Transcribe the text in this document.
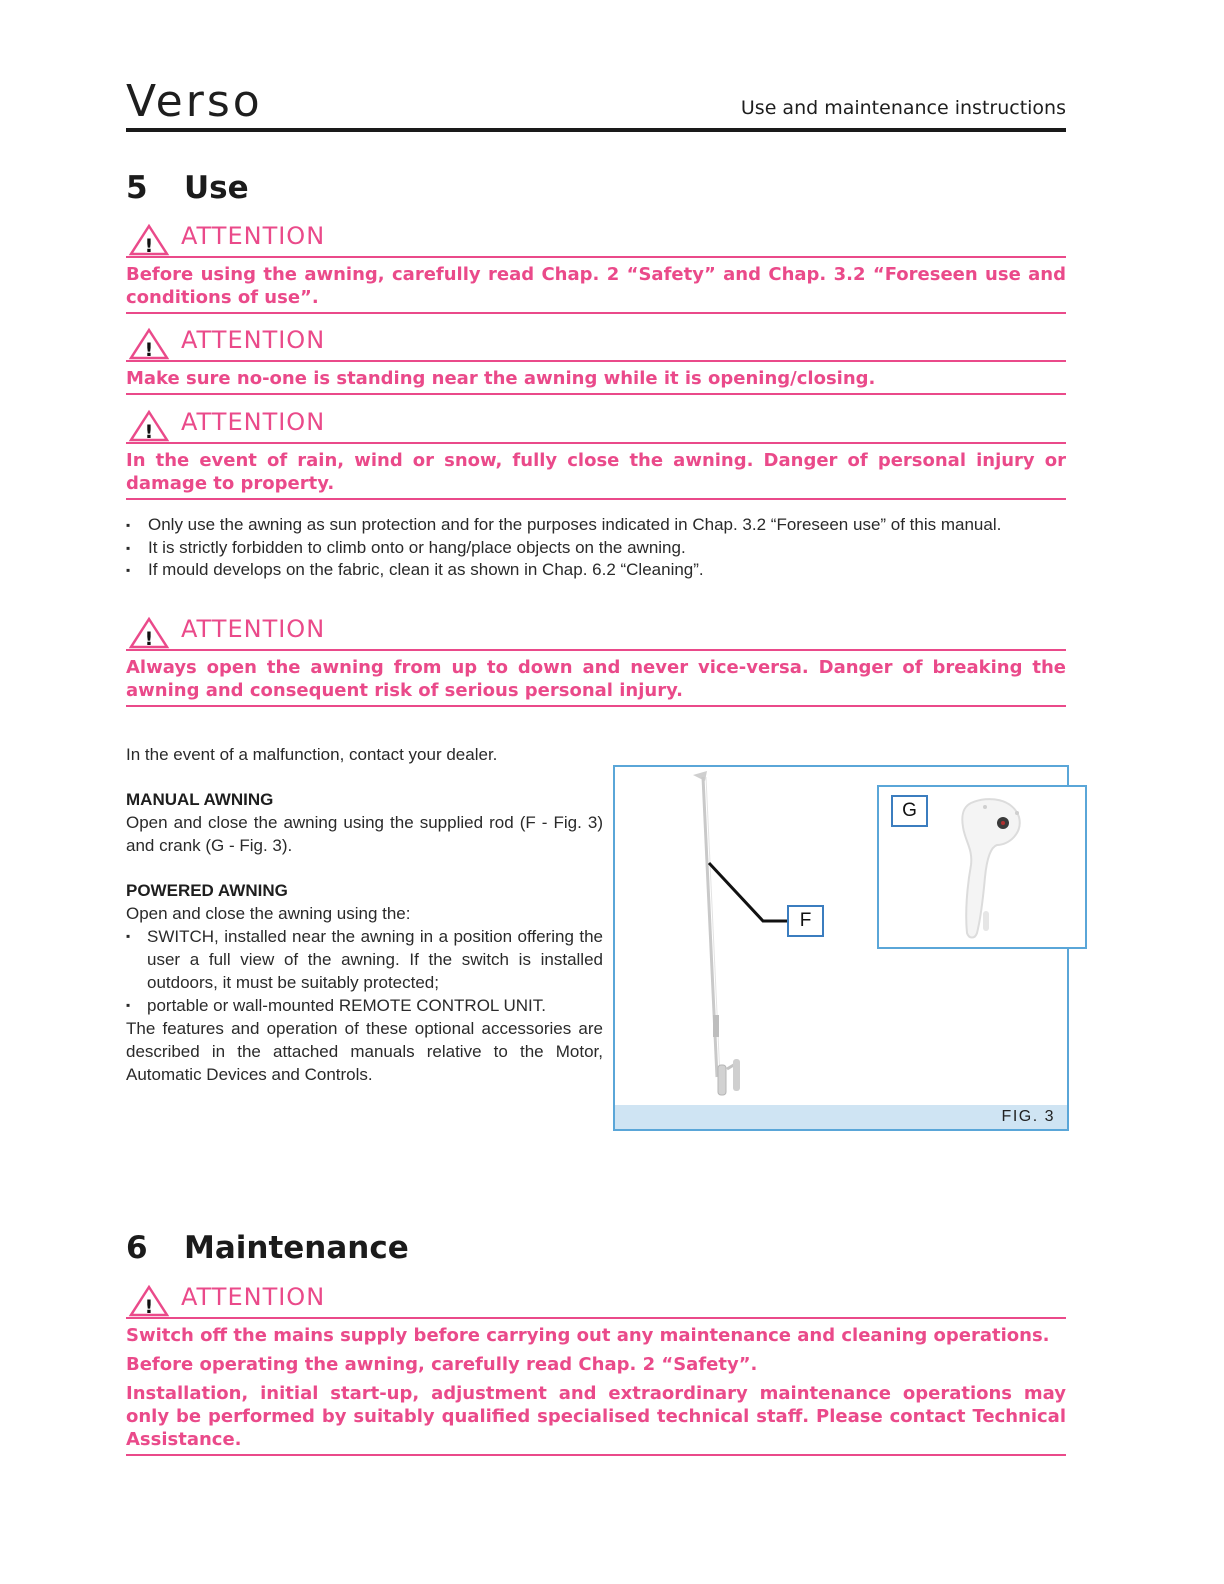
Verso	Use and maintenance instructions
5 Use
! ATTENTION
Before using the awning, carefully read Chap. 2 “Safety” and Chap. 3.2 “Foreseen use and conditions of use”.
! ATTENTION
Make sure no-one is standing near the awning while it is opening/closing.
! ATTENTION
In the event of rain, wind or snow, fully close the awning. Danger of personal injury or damage to property.
▪ Only use the awning as sun protection and for the purposes indicated in Chap. 3.2 “Foreseen use” of this manual.
▪ It is strictly forbidden to climb onto or hang/place objects on the awning.
▪ If mould develops on the fabric, clean it as shown in Chap. 6.2 “Cleaning”.
! ATTENTION
Always open the awning from up to down and never vice-versa. Danger of breaking the awning and consequent risk of serious personal injury.

In the event of a malfunction, contact your dealer.

MANUAL AWNING

Open and close the awning using the supplied rod (F - Fig. 3) and crank (G - Fig. 3).

POWERED AWNING

Open and close the awning using the:

▪ SWITCH, installed near the awning in a position offering the user a full view of the awning. If the switch is installed outdoors, it must be suitably protected;
▪ portable or wall-mounted REMOTE CONTROL UNIT.

The features and operation of these optional accessories are described in the attached manuals relative to the Motor, Automatic Devices and Controls.

F
FIG. 3
G
6 Maintenance
! ATTENTION

Switch off the mains supply before carrying out any maintenance and cleaning operations.

Before operating the awning, carefully read Chap. 2 “Safety”.

Installation, initial start-up, adjustment and extraordinary maintenance operations may only be performed by suitably qualified specialised technical staff. Please contact Technical Assistance.
